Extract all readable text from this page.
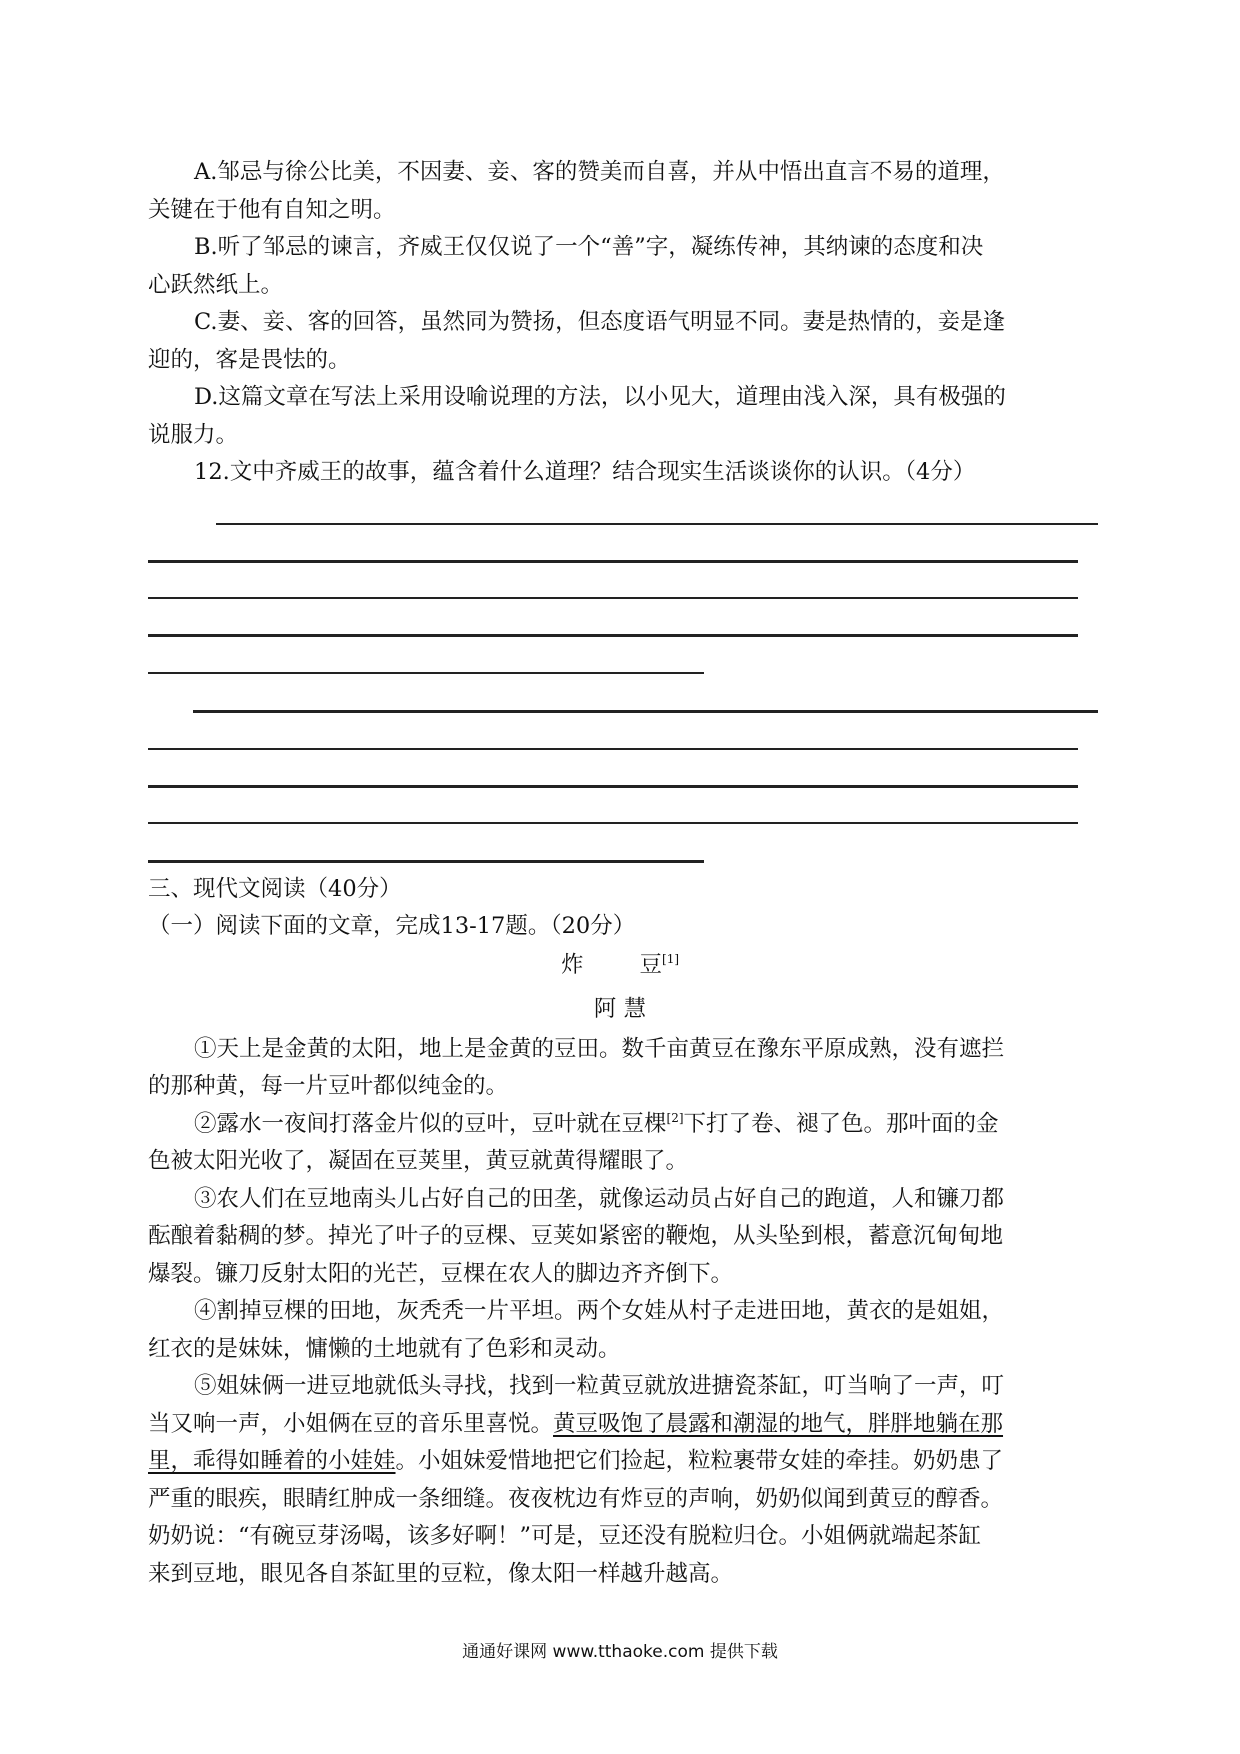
A.邹忌与徐公比美，不因妻、妾、客的赞美而自喜，并从中悟出直言不易的道理，
关键在于他有自知之明。
B.听了邹忌的谏言，齐威王仅仅说了一个“善”字，凝练传神，其纳谏的态度和决
心跃然纸上。
C.妻、妾、客的回答，虽然同为赞扬，但态度语气明显不同。妻是热情的，妾是逢
迎的，客是畏怯的。
D.这篇文章在写法上采用设喻说理的方法，以小见大，道理由浅入深，具有极强的
说服力。
12.文中齐威王的故事，蕴含着什么道理？结合现实生活谈谈你的认识。（4分）
三、现代文阅读（40分）
（一）阅读下面的文章，完成13-17题。（20分）
炸 豆[1]
阿 慧
①天上是金黄的太阳，地上是金黄的豆田。数千亩黄豆在豫东平原成熟，没有遮拦
的那种黄，每一片豆叶都似纯金的。
②露水一夜间打落金片似的豆叶，豆叶就在豆棵[2]下打了卷、褪了色。那叶面的金
色被太阳光收了，凝固在豆荚里，黄豆就黄得耀眼了。
③农人们在豆地南头儿占好自己的田垄，就像运动员占好自己的跑道，人和镰刀都
酝酿着黏稠的梦。掉光了叶子的豆棵、豆荚如紧密的鞭炮，从头坠到根，蓄意沉甸甸地
爆裂。镰刀反射太阳的光芒，豆棵在农人的脚边齐齐倒下。
④割掉豆棵的田地，灰秃秃一片平坦。两个女娃从村子走进田地，黄衣的是姐姐，
红衣的是妹妹，慵懒的土地就有了色彩和灵动。
⑤姐妹俩一进豆地就低头寻找，找到一粒黄豆就放进搪瓷茶缸，叮当响了一声，叮
当又响一声，小姐俩在豆的音乐里喜悦。黄豆吸饱了晨露和潮湿的地气，胖胖地躺在那
里，乖得如睡着的小娃娃。小姐妹爱惜地把它们捡起，粒粒裹带女娃的牵挂。奶奶患了
严重的眼疾，眼睛红肿成一条细缝。夜夜枕边有炸豆的声响，奶奶似闻到黄豆的醇香。
奶奶说：“有碗豆芽汤喝，该多好啊！”可是，豆还没有脱粒归仓。小姐俩就端起茶缸
来到豆地，眼见各自茶缸里的豆粒，像太阳一样越升越高。
通通好课网 www.tthaoke.com 提供下载
